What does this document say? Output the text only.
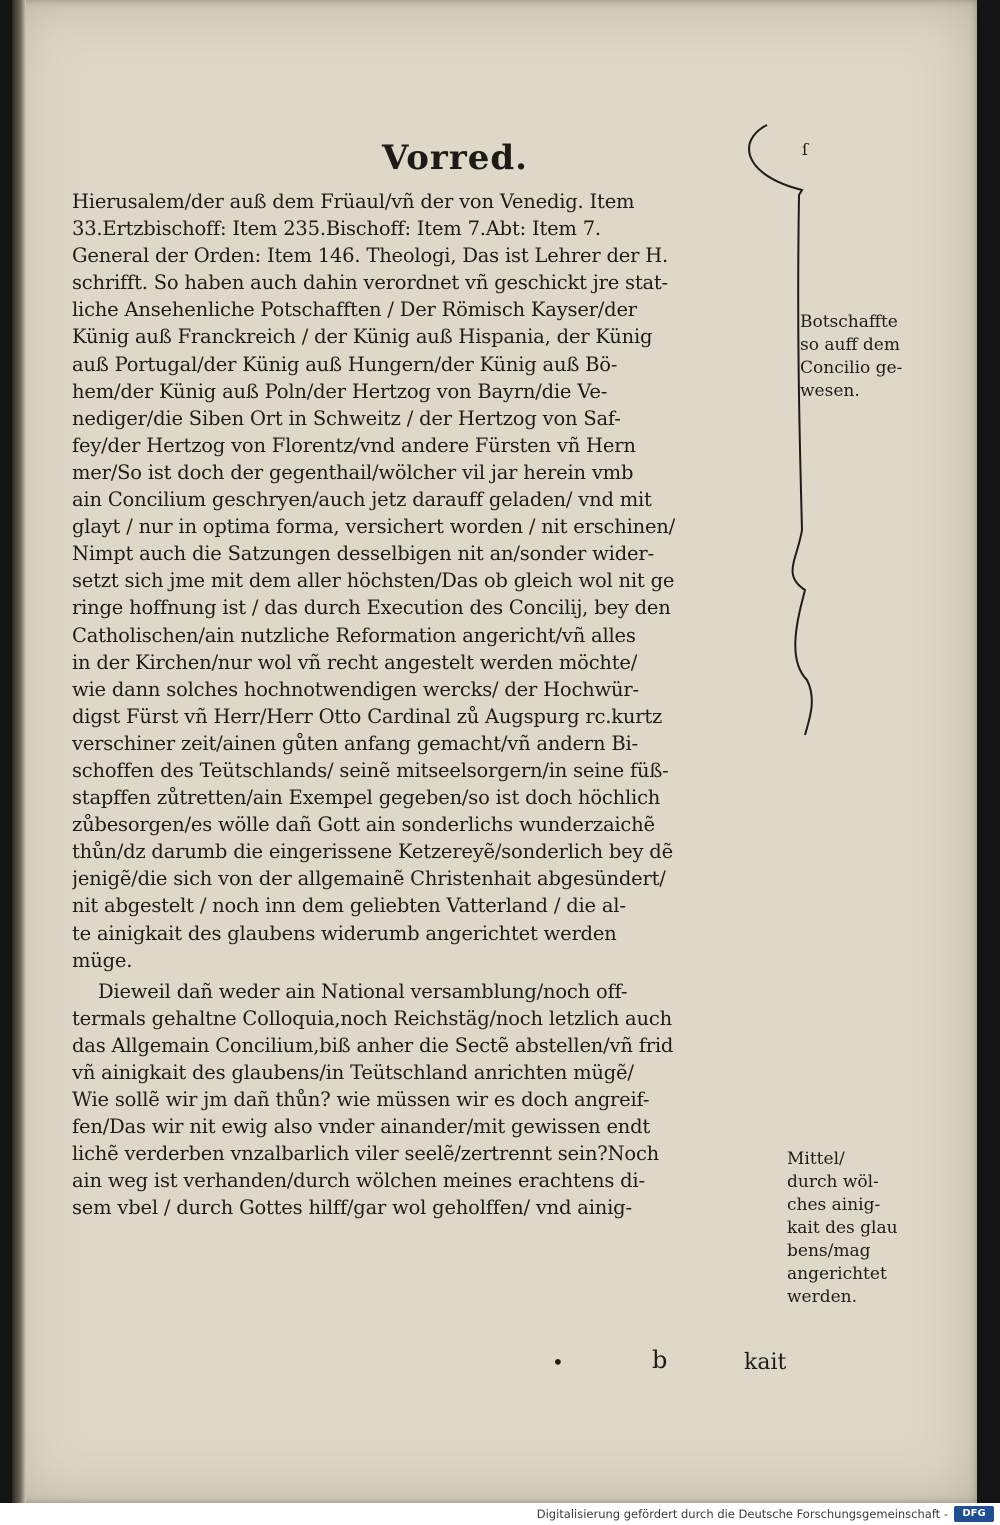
ſ
Vorred.
Hierusalem/der auß dem Früaul/vñ der von Venedig. Item
33.Ertzbischoff: Item 235.Bischoff: Item 7.Abt: Item 7.
General der Orden: Item 146. Theologi, Das ist Lehrer der H.
schrifft. So haben auch dahin verordnet vñ geschickt jre stat-
liche Ansehenliche Potschafften / Der Römisch Kayser/der
Künig auß Franckreich / der Künig auß Hispania, der Künig
auß Portugal/der Künig auß Hungern/der Künig auß Bö-
hem/der Künig auß Poln/der Hertzog von Bayrn/die Ve-
nediger/die Siben Ort in Schweitz / der Hertzog von Saf-
fey/der Hertzog von Florentz/vnd andere Fürsten vñ Hern
mer/So ist doch der gegenthail/wölcher vil jar herein vmb
ain Concilium geschryen/auch jetz darauff geladen/ vnd mit
glayt / nur in optima forma, versichert worden / nit erschinen/
Nimpt auch die Satzungen desselbigen nit an/sonder wider-
setzt sich jme mit dem aller höchsten/Das ob gleich wol nit ge
ringe hoffnung ist / das durch Execution des Concilij, bey den
Catholischen/ain nutzliche Reformation angericht/vñ alles
in der Kirchen/nur wol vñ recht angestelt werden möchte/
wie dann solches hochnotwendigen wercks/ der Hochwür-
digst Fürst vñ Herr/Herr Otto Cardinal zů Augspurg rc.kurtz
verschiner zeit/ainen gůten anfang gemacht/vñ andern Bi-
schoffen des Teütschlands/ seinẽ mitseelsorgern/in seine füß-
stapffen zůtretten/ain Exempel gegeben/so ist doch höchlich
zůbesorgen/es wölle dañ Gott ain sonderlichs wunderzaichẽ
thůn/dz darumb die eingerissene Ketzereyẽ/sonderlich bey dẽ
jenigẽ/die sich von der allgemainẽ Christenhait abgesündert/
nit abgestelt / noch inn dem geliebten Vatterland / die al-
te ainigkait des glaubens widerumb angerichtet werden
müge.
Dieweil dañ weder ain National versamblung/noch off-
termals gehaltne Colloquia,noch Reichstäg/noch letzlich auch
das Allgemain Concilium,biß anher die Sectẽ abstellen/vñ frid
vñ ainigkait des glaubens/in Teütschland anrichten mügẽ/
Wie sollẽ wir jm dañ thůn? wie müssen wir es doch angreif-
fen/Das wir nit ewig also vnder ainander/mit gewissen endt
lichẽ verderben vnzalbarlich viler seelẽ/zertrennt sein?Noch
ain weg ist verhanden/durch wölchen meines erachtens di-
sem vbel / durch Gottes hilff/gar wol geholffen/ vnd ainig-
Botschaffte
so auff dem
Concilio ge-
wesen.
Mittel/
durch wöl-
ches ainig-
kait des glau
bens/mag
angerichtet
werden.
•	b	kait
Digitalisierung gefördert durch die Deutsche Forschungsgemeinschaft -	DFG
